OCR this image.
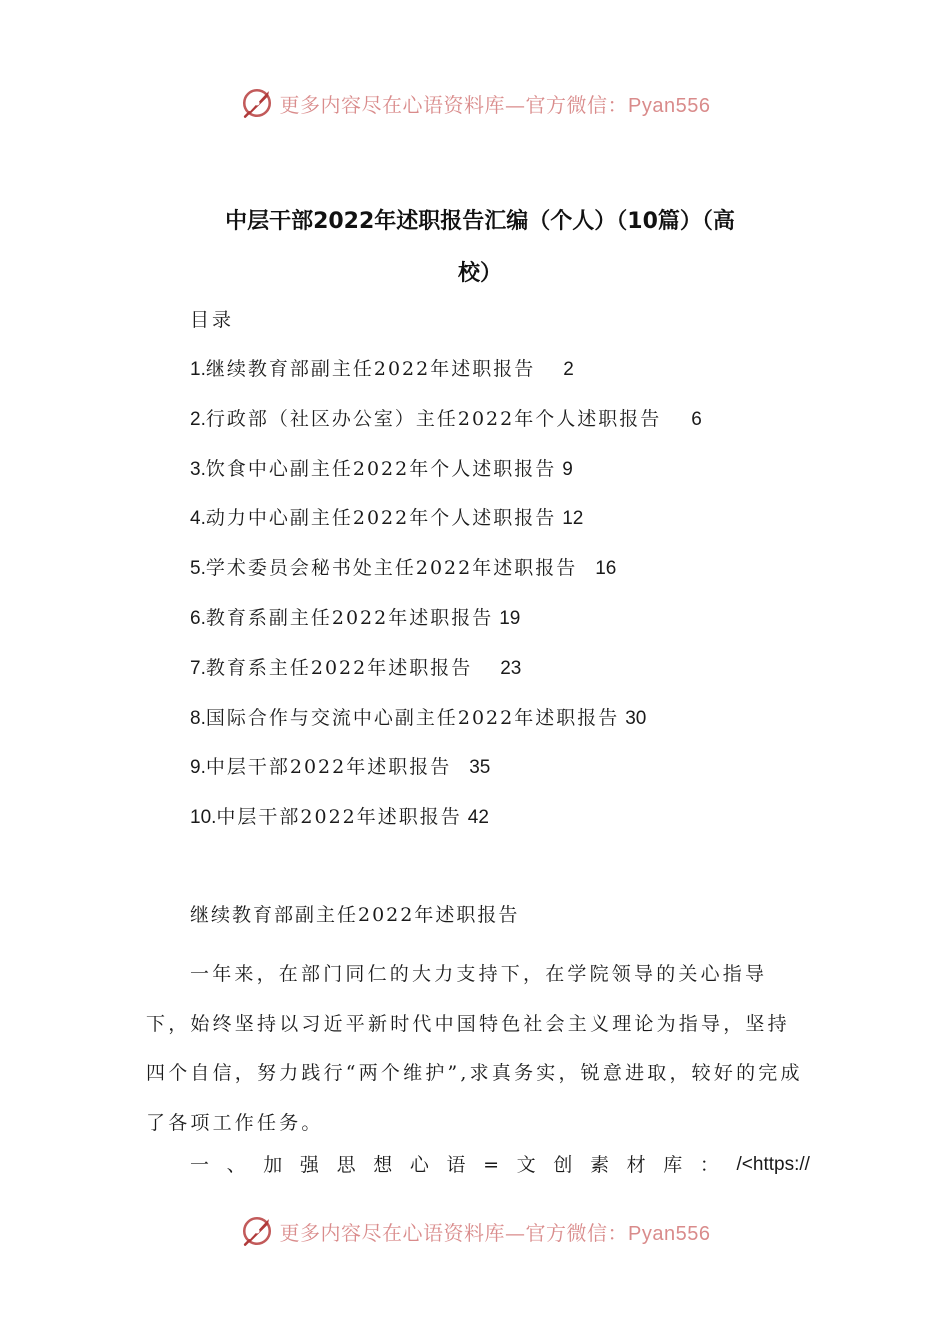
更多内容尽在心语资料库—官方微信：Pyan556
中层干部2022年述职报告汇编（个人）（10篇）（高
校）
目录
1.继续教育部副主任2022年述职报告 2
2.行政部（社区办公室）主任2022年个人述职报告 6
3.饮食中心副主任2022年个人述职报告 9
4.动力中心副主任2022年个人述职报告 12
5.学术委员会秘书处主任2022年述职报告 16
6.教育系副主任2022年述职报告 19
7.教育系主任2022年述职报告 23
8.国际合作与交流中心副主任2022年述职报告 30
9.中层干部2022年述职报告 35
10.中层干部2022年述职报告 42
继续教育部副主任2022年述职报告

一年来，在部门同仁的大力支持下，在学院领导的关心指导下，始终坚持以习近平新时代中国特色社会主义理论为指导，坚持四个自信，努力践行“两个维护”,求真务实，锐意进取，较好的完成了各项工作任务。

一 、 加 强 思 想 心 语 = 文 创 素 材 库 ： /<https://
更多内容尽在心语资料库—官方微信：Pyan556
